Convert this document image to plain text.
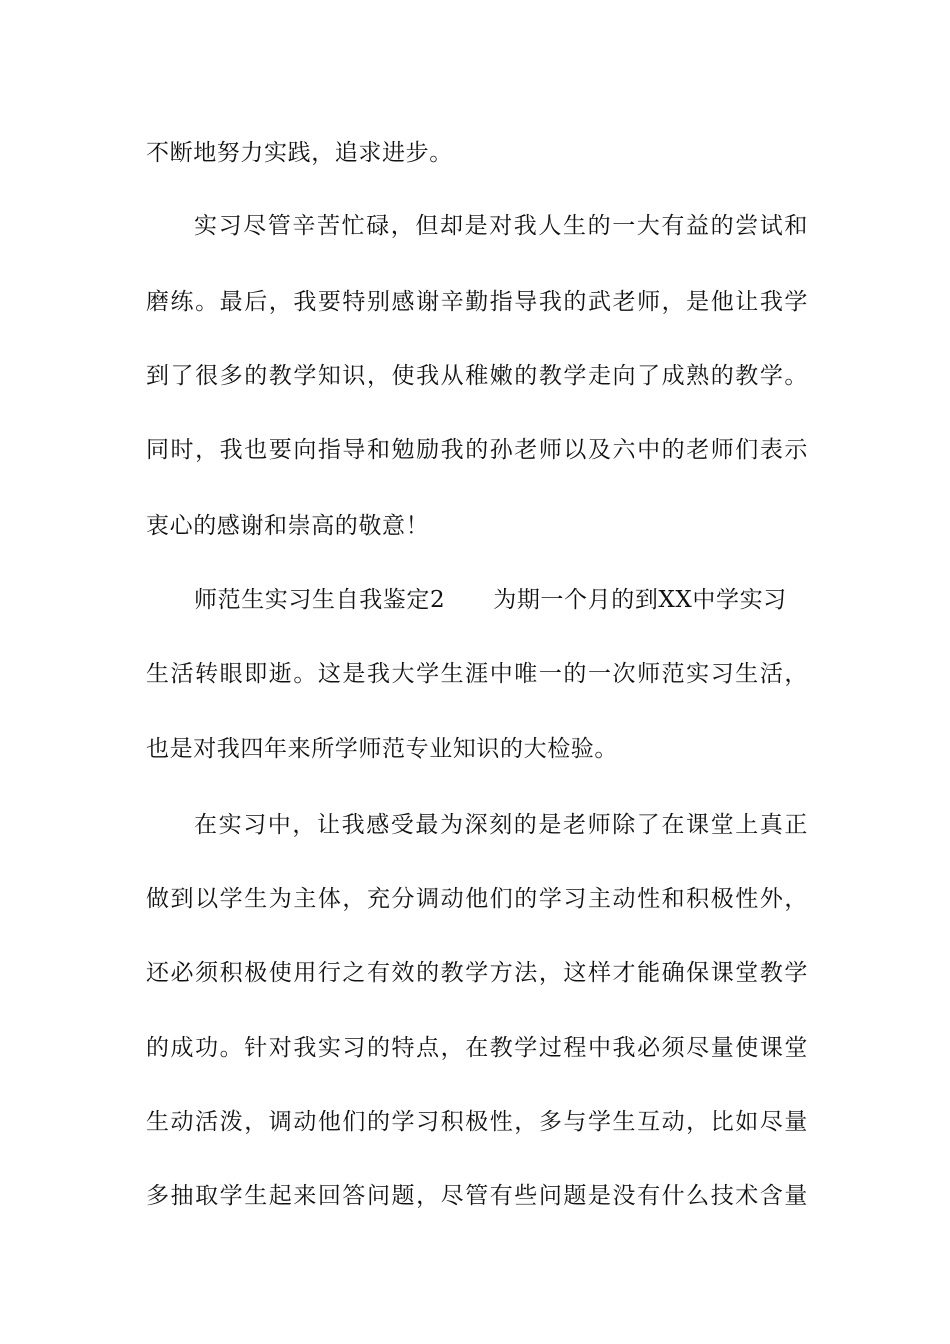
不断地努力实践，追求进步。
实习尽管辛苦忙碌，但却是对我人生的一大有益的尝试和
磨练。最后，我要特别感谢辛勤指导我的武老师，是他让我学
到了很多的教学知识，使我从稚嫩的教学走向了成熟的教学。
同时，我也要向指导和勉励我的孙老师以及六中的老师们表示
衷心的感谢和崇高的敬意！
师范生实习生自我鉴定2 为期一个月的到XX中学实习
生活转眼即逝。这是我大学生涯中唯一的一次师范实习生活，
也是对我四年来所学师范专业知识的大检验。
在实习中，让我感受最为深刻的是老师除了在课堂上真正
做到以学生为主体，充分调动他们的学习主动性和积极性外，
还必须积极使用行之有效的教学方法，这样才能确保课堂教学
的成功。针对我实习的特点，在教学过程中我必须尽量使课堂
生动活泼，调动他们的学习积极性，多与学生互动，比如尽量
多抽取学生起来回答问题，尽管有些问题是没有什么技术含量
